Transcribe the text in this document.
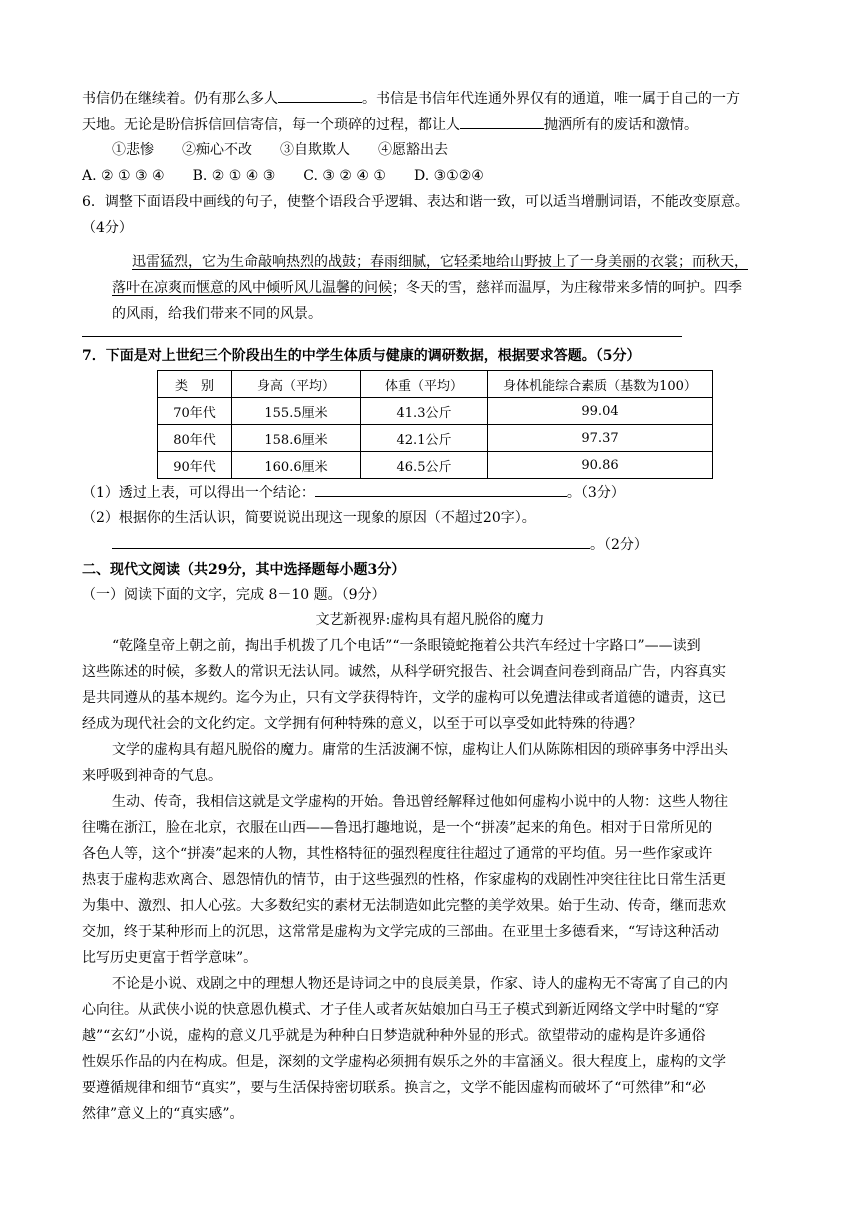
书信仍在继续着。仍有那么多人	。书信是书信年代连通外界仅有的通道，唯一属于自己的一方
天地。无论是盼信拆信回信寄信，每一个琐碎的过程，都让人	抛洒所有的废话和激情。
①悲惨　　②痴心不改　　③自欺欺人　　④愿豁出去
A. ② ① ③ ④　　B. ② ① ④ ③　　C. ③ ② ④ ①　　D. ③①②④
6．调整下面语段中画线的句子，使整个语段合乎逻辑、表达和谐一致，可以适当增删词语，不能改变原意。
（4分）
迅雷猛烈，它为生命敲响热烈的战鼓；春雨细腻，它轻柔地给山野披上了一身美丽的衣裳；而秋天，
落叶在凉爽而惬意的风中倾听风儿温馨的问候；冬天的雪，慈祥而温厚，为庄稼带来多情的呵护。四季
的风雨，给我们带来不同的风景。
7．下面是对上世纪三个阶段出生的中学生体质与健康的调研数据，根据要求答题。（5分）
类　别	身高（平均）	体重（平均）	身体机能综合素质（基数为100）
70年代	155.5厘米	41.3公斤	99.04
80年代	158.6厘米	42.1公斤	97.37
90年代	160.6厘米	46.5公斤	90.86
（1）透过上表，可以得出一个结论：	。（3分）
（2）根据你的生活认识，简要说说出现这一现象的原因（不超过20字）。
。（2分）
二、现代文阅读（共29分，其中选择题每小题3分）
（一）阅读下面的文字，完成 8－10 题。（9分）
文艺新视界:虚构具有超凡脱俗的魔力
“乾隆皇帝上朝之前，掏出手机拨了几个电话”“一条眼镜蛇拖着公共汽车经过十字路口”——读到
这些陈述的时候，多数人的常识无法认同。诚然，从科学研究报告、社会调查问卷到商品广告，内容真实
是共同遵从的基本规约。迄今为止，只有文学获得特许，文学的虚构可以免遭法律或者道德的谴责，这已
经成为现代社会的文化约定。文学拥有何种特殊的意义，以至于可以享受如此特殊的待遇？
文学的虚构具有超凡脱俗的魔力。庸常的生活波澜不惊，虚构让人们从陈陈相因的琐碎事务中浮出头
来呼吸到神奇的气息。
生动、传奇，我相信这就是文学虚构的开始。鲁迅曾经解释过他如何虚构小说中的人物：这些人物往
往嘴在浙江，脸在北京，衣服在山西——鲁迅打趣地说，是一个“拼凑”起来的角色。相对于日常所见的
各色人等，这个“拼凑”起来的人物，其性格特征的强烈程度往往超过了通常的平均值。另一些作家或许
热衷于虚构悲欢离合、恩怨情仇的情节，由于这些强烈的性格，作家虚构的戏剧性冲突往往比日常生活更
为集中、激烈、扣人心弦。大多数纪实的素材无法制造如此完整的美学效果。始于生动、传奇，继而悲欢
交加，终于某种形而上的沉思，这常常是虚构为文学完成的三部曲。在亚里士多德看来，“写诗这种活动
比写历史更富于哲学意味”。
不论是小说、戏剧之中的理想人物还是诗词之中的良辰美景，作家、诗人的虚构无不寄寓了自己的内
心向往。从武侠小说的快意恩仇模式、才子佳人或者灰姑娘加白马王子模式到新近网络文学中时髦的“穿
越”“玄幻”小说，虚构的意义几乎就是为种种白日梦造就种种外显的形式。欲望带动的虚构是许多通俗
性娱乐作品的内在构成。但是，深刻的文学虚构必须拥有娱乐之外的丰富涵义。很大程度上，虚构的文学
要遵循规律和细节“真实”，要与生活保持密切联系。换言之，文学不能因虚构而破坏了“可然律”和“必
然律”意义上的“真实感”。
